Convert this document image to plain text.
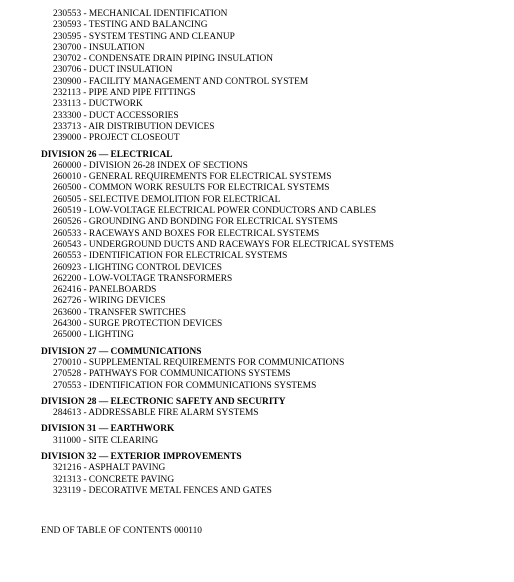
230553 - MECHANICAL IDENTIFICATION
230593 - TESTING AND BALANCING
230595 - SYSTEM TESTING AND CLEANUP
230700 - INSULATION
230702 - CONDENSATE DRAIN PIPING INSULATION
230706 - DUCT INSULATION
230900 - FACILITY MANAGEMENT AND CONTROL SYSTEM
232113 - PIPE AND PIPE FITTINGS
233113 - DUCTWORK
233300 - DUCT ACCESSORIES
233713 - AIR DISTRIBUTION DEVICES
239000 - PROJECT CLOSEOUT
DIVISION 26 — ELECTRICAL
260000 - DIVISION 26-28 INDEX OF SECTIONS
260010 - GENERAL REQUIREMENTS FOR ELECTRICAL SYSTEMS
260500 - COMMON WORK RESULTS FOR ELECTRICAL SYSTEMS
260505 - SELECTIVE DEMOLITION FOR ELECTRICAL
260519 - LOW-VOLTAGE ELECTRICAL POWER CONDUCTORS AND CABLES
260526 - GROUNDING AND BONDING FOR ELECTRICAL SYSTEMS
260533 - RACEWAYS AND BOXES FOR ELECTRICAL SYSTEMS
260543 - UNDERGROUND DUCTS AND RACEWAYS FOR ELECTRICAL SYSTEMS
260553 - IDENTIFICATION FOR ELECTRICAL SYSTEMS
260923 - LIGHTING CONTROL DEVICES
262200 - LOW-VOLTAGE TRANSFORMERS
262416 - PANELBOARDS
262726 - WIRING DEVICES
263600 - TRANSFER SWITCHES
264300 - SURGE PROTECTION DEVICES
265000 - LIGHTING
DIVISION 27 — COMMUNICATIONS
270010 - SUPPLEMENTAL REQUIREMENTS FOR COMMUNICATIONS
270528 - PATHWAYS FOR COMMUNICATIONS SYSTEMS
270553 - IDENTIFICATION FOR COMMUNICATIONS SYSTEMS
DIVISION 28 — ELECTRONIC SAFETY AND SECURITY
284613 - ADDRESSABLE FIRE ALARM SYSTEMS
DIVISION 31 — EARTHWORK
311000 - SITE CLEARING
DIVISION 32 — EXTERIOR IMPROVEMENTS
321216 - ASPHALT PAVING
321313 - CONCRETE PAVING
323119 - DECORATIVE METAL FENCES AND GATES
END OF TABLE OF CONTENTS 000110
